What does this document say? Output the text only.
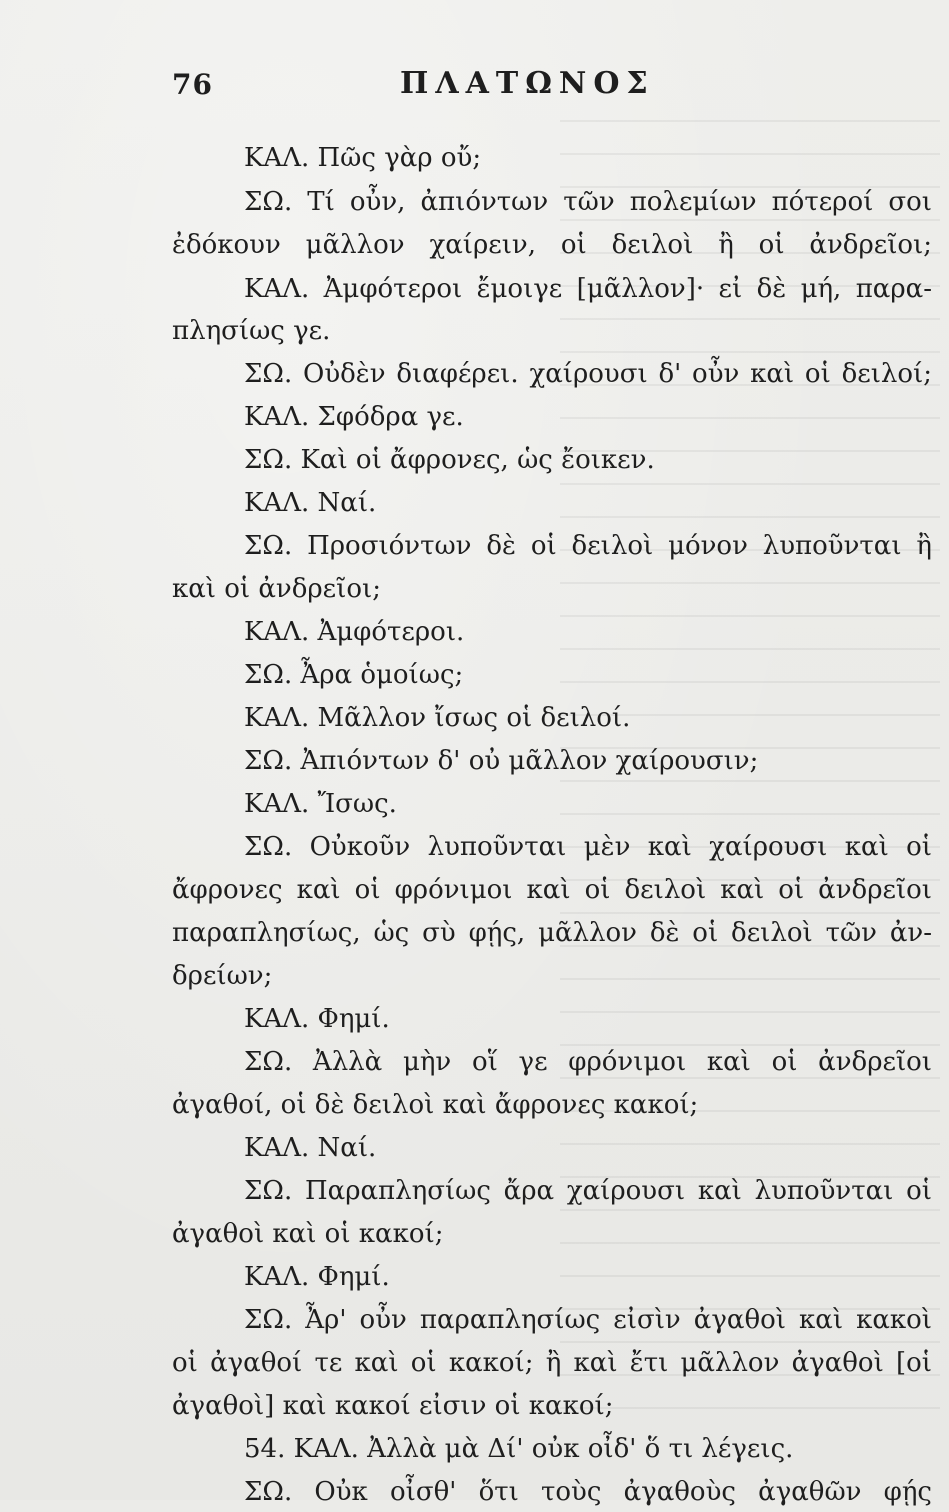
76	ΠΛΑΤΩΝΟΣ
ΚΑΛ. Πῶς γὰρ οὔ;
ΣΩ. Τί οὖν, ἀπιόντων τῶν πολεμίων πότεροί σοι
ἐδόκουν μᾶλλον χαίρειν, οἱ δειλοὶ ἢ οἱ ἀνδρεῖοι;
ΚΑΛ. Ἀμφότεροι ἔμοιγε [μᾶλλον]· εἰ δὲ μή, παρα-
πλησίως γε.
ΣΩ. Οὐδὲν διαφέρει. χαίρουσι δ' οὖν καὶ οἱ δειλοί;
ΚΑΛ. Σφόδρα γε.
ΣΩ. Καὶ οἱ ἄφρονες, ὡς ἔοικεν.
ΚΑΛ. Ναί.
ΣΩ. Προσιόντων δὲ οἱ δειλοὶ μόνον λυποῦνται ἢ
καὶ οἱ ἀνδρεῖοι;
ΚΑΛ. Ἀμφότεροι.
ΣΩ. Ἆρα ὁμοίως;
ΚΑΛ. Μᾶλλον ἴσως οἱ δειλοί.
ΣΩ. Ἀπιόντων δ' οὐ μᾶλλον χαίρουσιν;
ΚΑΛ. Ἴσως.
ΣΩ. Οὐκοῦν λυποῦνται μὲν καὶ χαίρουσι καὶ οἱ
ἄφρονες καὶ οἱ φρόνιμοι καὶ οἱ δειλοὶ καὶ οἱ ἀνδρεῖοι
παραπλησίως, ὡς σὺ φῄς, μᾶλλον δὲ οἱ δειλοὶ τῶν ἀν-
δρείων;
ΚΑΛ. Φημί.
ΣΩ. Ἀλλὰ μὴν οἵ γε φρόνιμοι καὶ οἱ ἀνδρεῖοι
ἀγαθοί, οἱ δὲ δειλοὶ καὶ ἄφρονες κακοί;
ΚΑΛ. Ναί.
ΣΩ. Παραπλησίως ἄρα χαίρουσι καὶ λυποῦνται οἱ
ἀγαθοὶ καὶ οἱ κακοί;
ΚΑΛ. Φημί.
ΣΩ. Ἆρ' οὖν παραπλησίως εἰσὶν ἀγαθοὶ καὶ κακοὶ
οἱ ἀγαθοί τε καὶ οἱ κακοί; ἢ καὶ ἔτι μᾶλλον ἀγαθοὶ [οἱ
ἀγαθοὶ] καὶ κακοί εἰσιν οἱ κακοί;
54. ΚΑΛ. Ἀλλὰ μὰ Δί' οὐκ οἶδ' ὅ τι λέγεις.
ΣΩ. Οὐκ οἶσθ' ὅτι τοὺς ἀγαθοὺς ἀγαθῶν φῄς
